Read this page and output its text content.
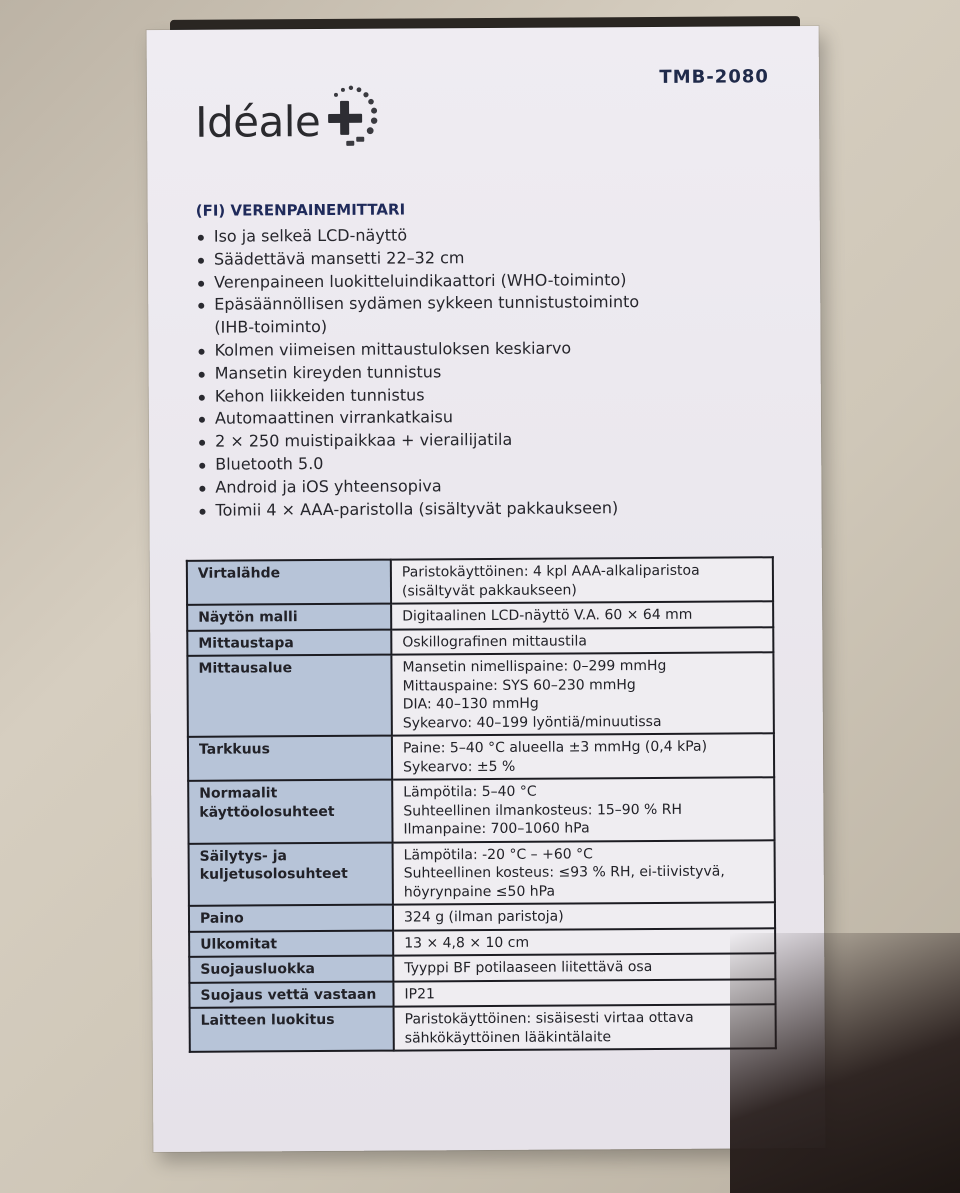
Idéale
TMB-2080
(FI) VERENPAINEMITTARI
Iso ja selkeä LCD-näyttö
Säädettävä mansetti 22–32 cm
Verenpaineen luokitteluindikaattori (WHO-toiminto)
Epäsäännöllisen sydämen sykkeen tunnistustoiminto (IHB-toiminto)
Kolmen viimeisen mittaustuloksen keskiarvo
Mansetin kireyden tunnistus
Kehon liikkeiden tunnistus
Automaattinen virrankatkaisu
2 × 250 muistipaikkaa + vierailijatila
Bluetooth 5.0
Android ja iOS yhteensopiva
Toimii 4 × AAA-paristolla (sisältyvät pakkaukseen)
Virtalähde	Paristokäyttöinen: 4 kpl AAA-alkaliparistoa
(sisältyvät pakkaukseen)

Näytön malli	Digitaalinen LCD-näyttö V.A. 60 × 64 mm

Mittaustapa	Oskillografinen mittaustila

Mittausalue	Mansetin nimellispaine: 0–299 mmHg
Mittauspaine: SYS 60–230 mmHg
DIA: 40–130 mmHg
Sykearvo: 40–199 lyöntiä/minuutissa

Tarkkuus	Paine: 5–40 °C alueella ±3 mmHg (0,4 kPa)
Sykearvo: ±5 %

Normaalit käyttöolosuhteet	Lämpötila: 5–40 °C
Suhteellinen ilmankosteus: 15–90 % RH
Ilmanpaine: 700–1060 hPa

Säilytys- ja kuljetusolosuhteet	Lämpötila: -20 °C – +60 °C
Suhteellinen kosteus: ≤93 % RH, ei-tiivistyvä,
höyrynpaine ≤50 hPa

Paino	324 g (ilman paristoja)

Ulkomitat	13 × 4,8 × 10 cm

Suojausluokka	Tyyppi BF potilaaseen liitettävä osa

Suojaus vettä vastaan	IP21

Laitteen luokitus	Paristokäyttöinen: sisäisesti virtaa ottava
sähkökäyttöinen lääkintälaite
